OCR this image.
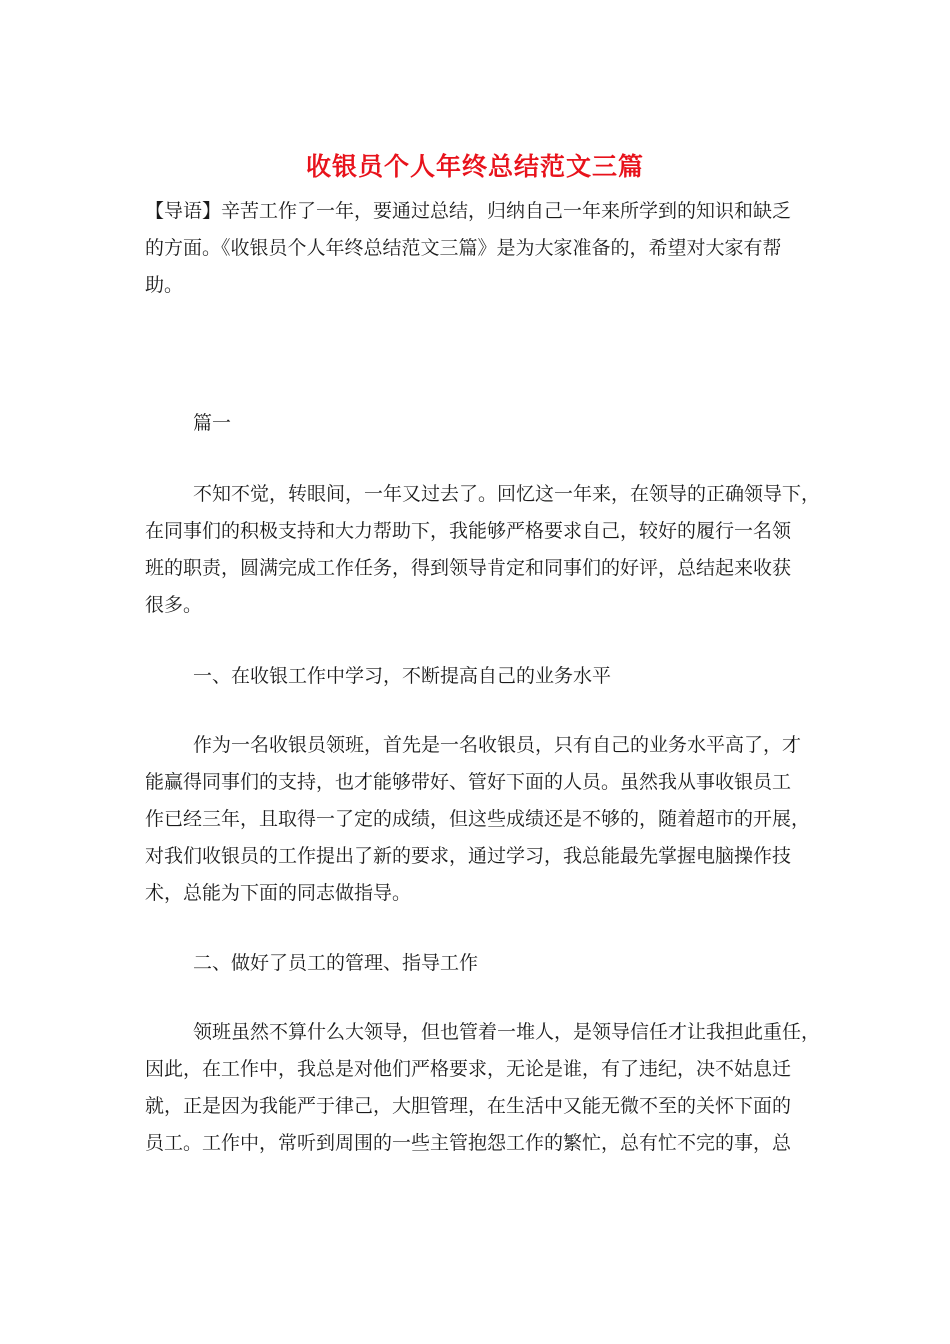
收银员个人年终总结范文三篇
【导语】辛苦工作了一年，要通过总结，归纳自己一年来所学到的知识和缺乏
的方面。《收银员个人年终总结范文三篇》是为大家准备的，希望对大家有帮
助。
篇一
不知不觉，转眼间，一年又过去了。回忆这一年来，在领导的正确领导下，
在同事们的积极支持和大力帮助下，我能够严格要求自己，较好的履行一名领
班的职责，圆满完成工作任务，得到领导肯定和同事们的好评，总结起来收获
很多。
一、在收银工作中学习，不断提高自己的业务水平
作为一名收银员领班，首先是一名收银员，只有自己的业务水平高了，才
能赢得同事们的支持，也才能够带好、管好下面的人员。虽然我从事收银员工
作已经三年，且取得一了定的成绩，但这些成绩还是不够的，随着超市的开展，
对我们收银员的工作提出了新的要求，通过学习，我总能最先掌握电脑操作技
术，总能为下面的同志做指导。
二、做好了员工的管理、指导工作
领班虽然不算什么大领导，但也管着一堆人，是领导信任才让我担此重任，
因此，在工作中，我总是对他们严格要求，无论是谁，有了违纪，决不姑息迁
就，正是因为我能严于律己，大胆管理，在生活中又能无微不至的关怀下面的
员工。工作中，常听到周围的一些主管抱怨工作的繁忙，总有忙不完的事，总
